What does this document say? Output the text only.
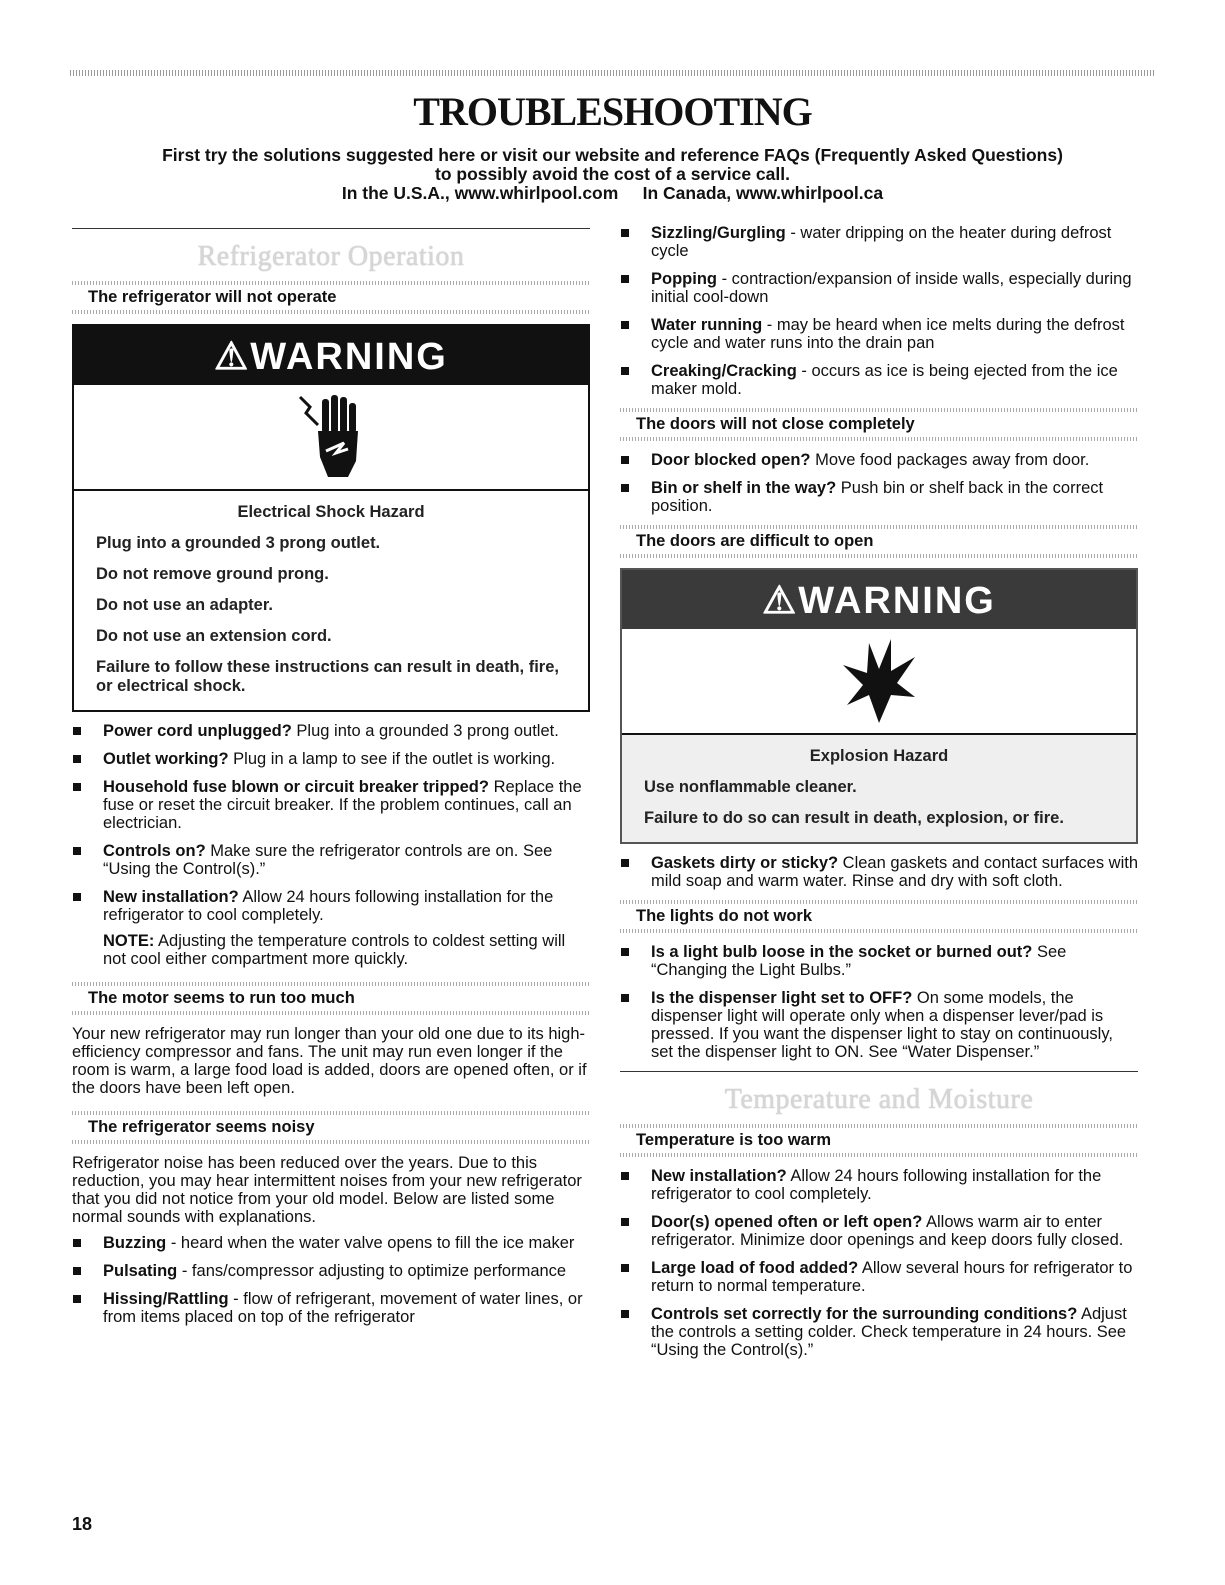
TROUBLESHOOTING
First try the solutions suggested here or visit our website and reference FAQs (Frequently Asked Questions)
to possibly avoid the cost of a service call.
In the U.S.A., www.whirlpool.com     In Canada, www.whirlpool.ca
Refrigerator Operation
The refrigerator will not operate
⚠WARNING
Electrical Shock Hazard

Plug into a grounded 3 prong outlet.

Do not remove ground prong.

Do not use an adapter.

Do not use an extension cord.

Failure to follow these instructions can result in death, fire, or electrical shock.

Power cord unplugged? Plug into a grounded 3 prong outlet.
Outlet working? Plug in a lamp to see if the outlet is working.
Household fuse blown or circuit breaker tripped? Replace the fuse or reset the circuit breaker. If the problem continues, call an electrician.
Controls on? Make sure the refrigerator controls are on. See “Using the Control(s).”
New installation? Allow 24 hours following installation for the refrigerator to cool completely.
NOTE: Adjusting the temperature controls to coldest setting will not cool either compartment more quickly.
The motor seems to run too much

Your new refrigerator may run longer than your old one due to its high-efficiency compressor and fans. The unit may run even longer if the room is warm, a large food load is added, doors are opened often, or if the doors have been left open.

The refrigerator seems noisy

Refrigerator noise has been reduced over the years. Due to this reduction, you may hear intermittent noises from your new refrigerator that you did not notice from your old model. Below are listed some normal sounds with explanations.

Buzzing - heard when the water valve opens to fill the ice maker
Pulsating - fans/compressor adjusting to optimize performance
Hissing/Rattling - flow of refrigerant, movement of water lines, or from items placed on top of the refrigerator
Sizzling/Gurgling - water dripping on the heater during defrost cycle
Popping - contraction/expansion of inside walls, especially during initial cool-down
Water running - may be heard when ice melts during the defrost cycle and water runs into the drain pan
Creaking/Cracking - occurs as ice is being ejected from the ice maker mold.
The doors will not close completely
Door blocked open? Move food packages away from door.
Bin or shelf in the way? Push bin or shelf back in the correct position.
The doors are difficult to open
⚠WARNING
Explosion Hazard

Use nonflammable cleaner.

Failure to do so can result in death, explosion, or fire.

Gaskets dirty or sticky? Clean gaskets and contact surfaces with mild soap and warm water. Rinse and dry with soft cloth.
The lights do not work
Is a light bulb loose in the socket or burned out? See “Changing the Light Bulbs.”
Is the dispenser light set to OFF? On some models, the dispenser light will operate only when a dispenser lever/pad is pressed. If you want the dispenser light to stay on continuously, set the dispenser light to ON. See “Water Dispenser.”
Temperature and Moisture
Temperature is too warm
New installation? Allow 24 hours following installation for the refrigerator to cool completely.
Door(s) opened often or left open? Allows warm air to enter refrigerator. Minimize door openings and keep doors fully closed.
Large load of food added? Allow several hours for refrigerator to return to normal temperature.
Controls set correctly for the surrounding conditions? Adjust the controls a setting colder. Check temperature in 24 hours. See “Using the Control(s).”
18
